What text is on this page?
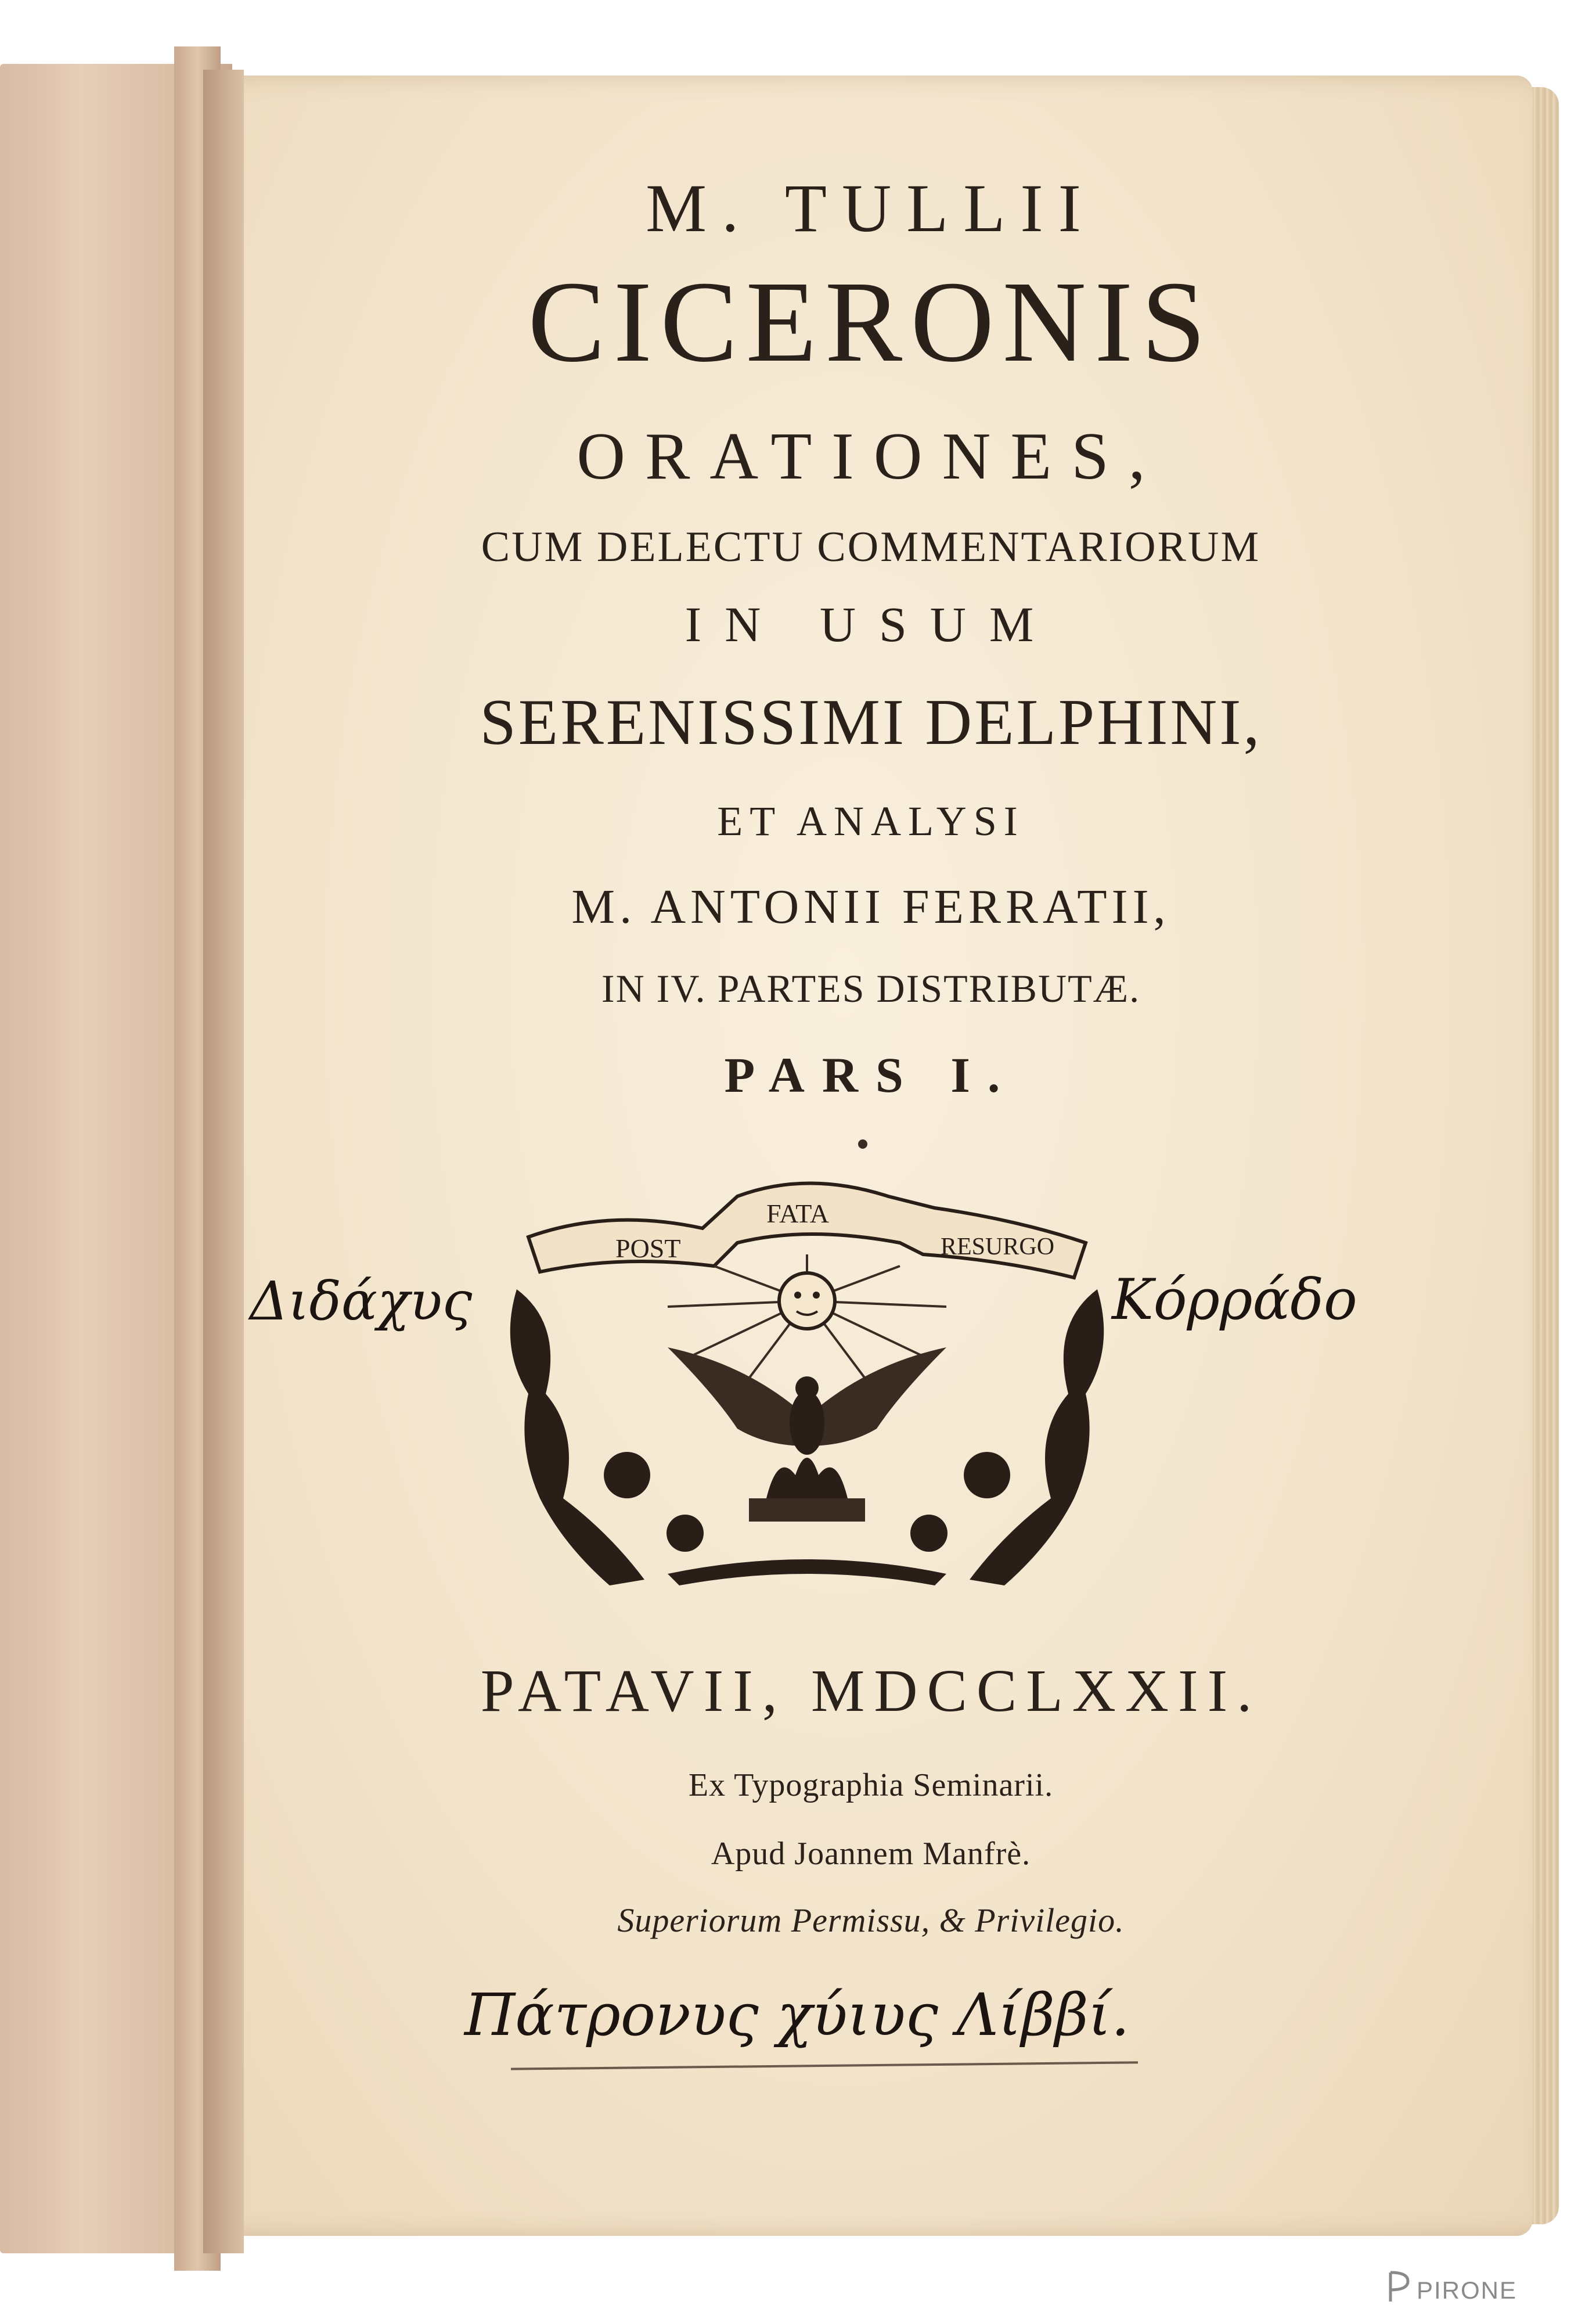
M. TULLII

CICERONIS

ORATIONES,

CUM DELECTU COMMENTARIORUM

IN USUM

SERENISSIMI DELPHINI,

ET ANALYSI

M. ANTONII FERRATII,

IN IV. PARTES DISTRIBUTÆ.

PARS I.

POST
FATA
RESURGO

Διδάχυς	Κόρράδο

PATAVII, MDCCLXXII.

Ex Typographia Seminarii.

Apud Joannem Manfrè.

Superiorum Permissu, & Privilegio.

Πάτρονυς χύιυς Λίββί.

PIRONE
